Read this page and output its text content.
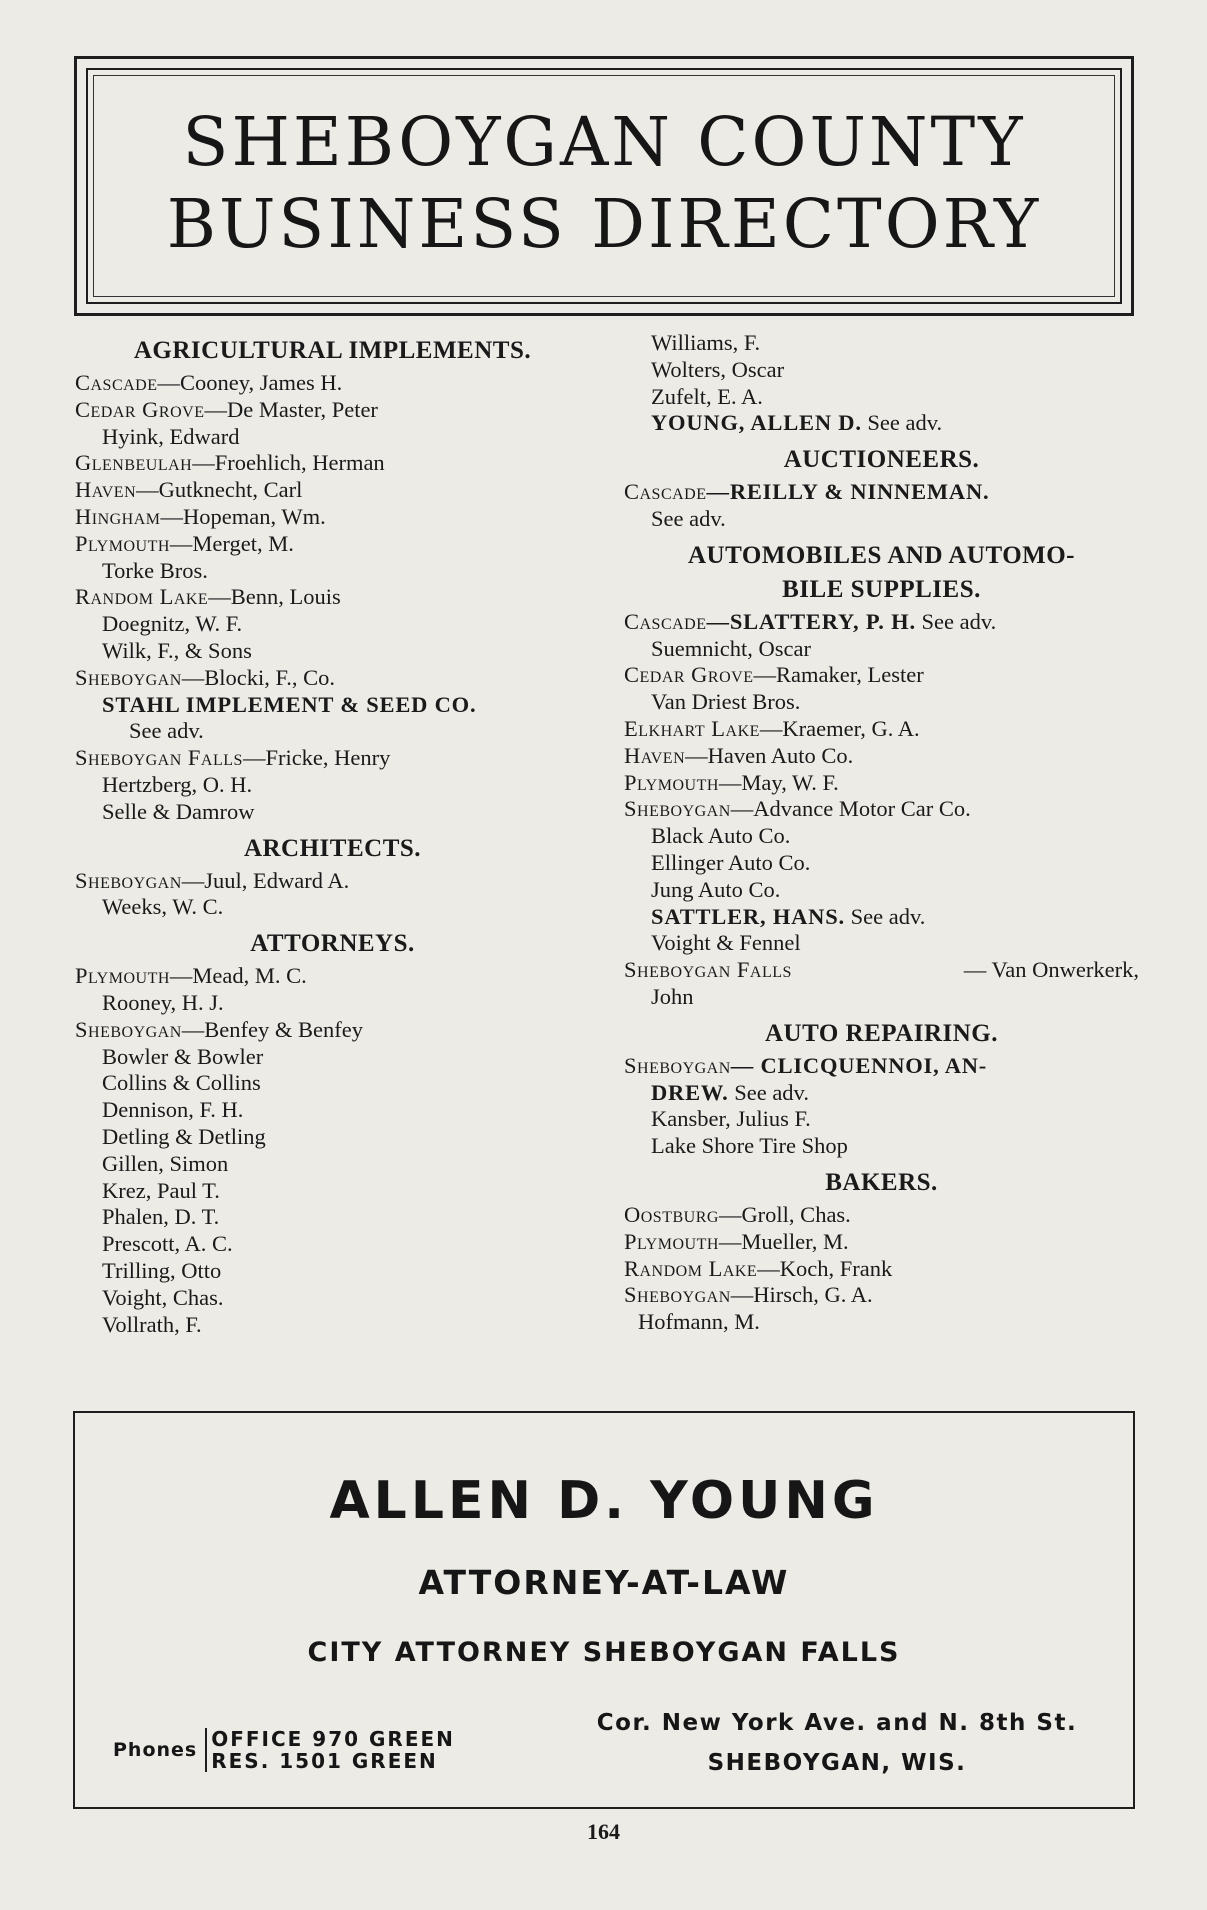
SHEBOYGAN COUNTY
BUSINESS DIRECTORY
AGRICULTURAL IMPLEMENTS.
Cascade—Cooney, James H.
Cedar Grove—De Master, Peter
Hyink, Edward
Glenbeulah—Froehlich, Herman
Haven—Gutknecht, Carl
Hingham—Hopeman, Wm.
Plymouth—Merget, M.
Torke Bros.
Random Lake—Benn, Louis
Doegnitz, W. F.
Wilk, F., & Sons
Sheboygan—Blocki, F., Co.
STAHL IMPLEMENT & SEED CO.
See adv.
Sheboygan Falls—Fricke, Henry
Hertzberg, O. H.
Selle & Damrow
ARCHITECTS.
Sheboygan—Juul, Edward A.
Weeks, W. C.
ATTORNEYS.
Plymouth—Mead, M. C.
Rooney, H. J.
Sheboygan—Benfey & Benfey
Bowler & Bowler
Collins & Collins
Dennison, F. H.
Detling & Detling
Gillen, Simon
Krez, Paul T.
Phalen, D. T.
Prescott, A. C.
Trilling, Otto
Voight, Chas.
Vollrath, F.
Williams, F.
Wolters, Oscar
Zufelt, E. A.
YOUNG, ALLEN D. See adv.
AUCTIONEERS.
Cascade—REILLY & NINNEMAN.
See adv.
AUTOMOBILES AND AUTOMO-
BILE SUPPLIES.
Cascade—SLATTERY, P. H. See adv.
Suemnicht, Oscar
Cedar Grove—Ramaker, Lester
Van Driest Bros.
Elkhart Lake—Kraemer, G. A.
Haven—Haven Auto Co.
Plymouth—May, W. F.
Sheboygan—Advance Motor Car Co.
Black Auto Co.
Ellinger Auto Co.
Jung Auto Co.
SATTLER, HANS. See adv.
Voight & Fennel
Sheboygan Falls	— Van Onwerkerk,
John
AUTO REPAIRING.
Sheboygan— CLICQUENNOI, AN-
DREW. See adv.
Kansber, Julius F.
Lake Shore Tire Shop
BAKERS.
Oostburg—Groll, Chas.
Plymouth—Mueller, M.
Random Lake—Koch, Frank
Sheboygan—Hirsch, G. A.
Hofmann, M.
ALLEN D. YOUNG
ATTORNEY-AT-LAW
CITY ATTORNEY SHEBOYGAN FALLS
Phones OFFICE 970 GREEN
RES. 1501 GREEN
Cor. New York Ave. and N. 8th St.
SHEBOYGAN, WIS.
164
